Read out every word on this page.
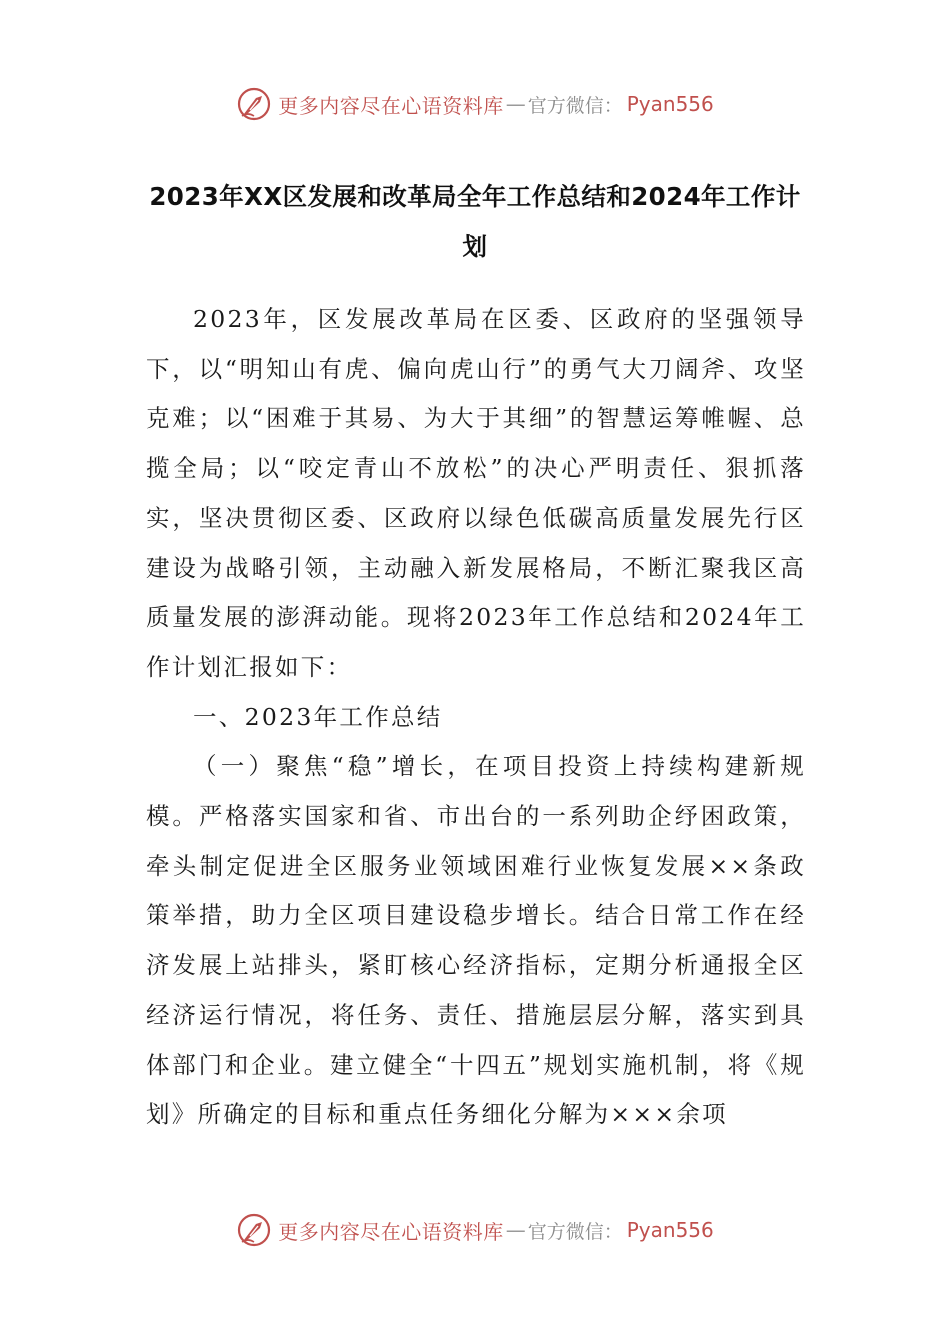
更多内容尽在心语资料库 — 官方微信： Pyan556
2023年XX区发展和改革局全年工作总结和2024年工作计划

2023年，区发展改革局在区委、区政府的坚强领导下，以“明知山有虎、偏向虎山行”的勇气大刀阔斧、攻坚克难；以“困难于其易、为大于其细”的智慧运筹帷幄、总揽全局；以“咬定青山不放松”的决心严明责任、狠抓落实，坚决贯彻区委、区政府以绿色低碳高质量发展先行区建设为战略引领，主动融入新发展格局，不断汇聚我区高质量发展的澎湃动能。现将2023年工作总结和2024年工作计划汇报如下：

一、2023年工作总结

（一）聚焦“稳”增长，在项目投资上持续构建新规模。严格落实国家和省、市出台的一系列助企纾困政策，牵头制定促进全区服务业领域困难行业恢复发展××条政策举措，助力全区项目建设稳步增长。结合日常工作在经济发展上站排头，紧盯核心经济指标，定期分析通报全区经济运行情况，将任务、责任、措施层层分解，落实到具体部门和企业。建立健全“十四五”规划实施机制，将《规划》所确定的目标和重点任务细化分解为×××余项

更多内容尽在心语资料库 — 官方微信： Pyan556
